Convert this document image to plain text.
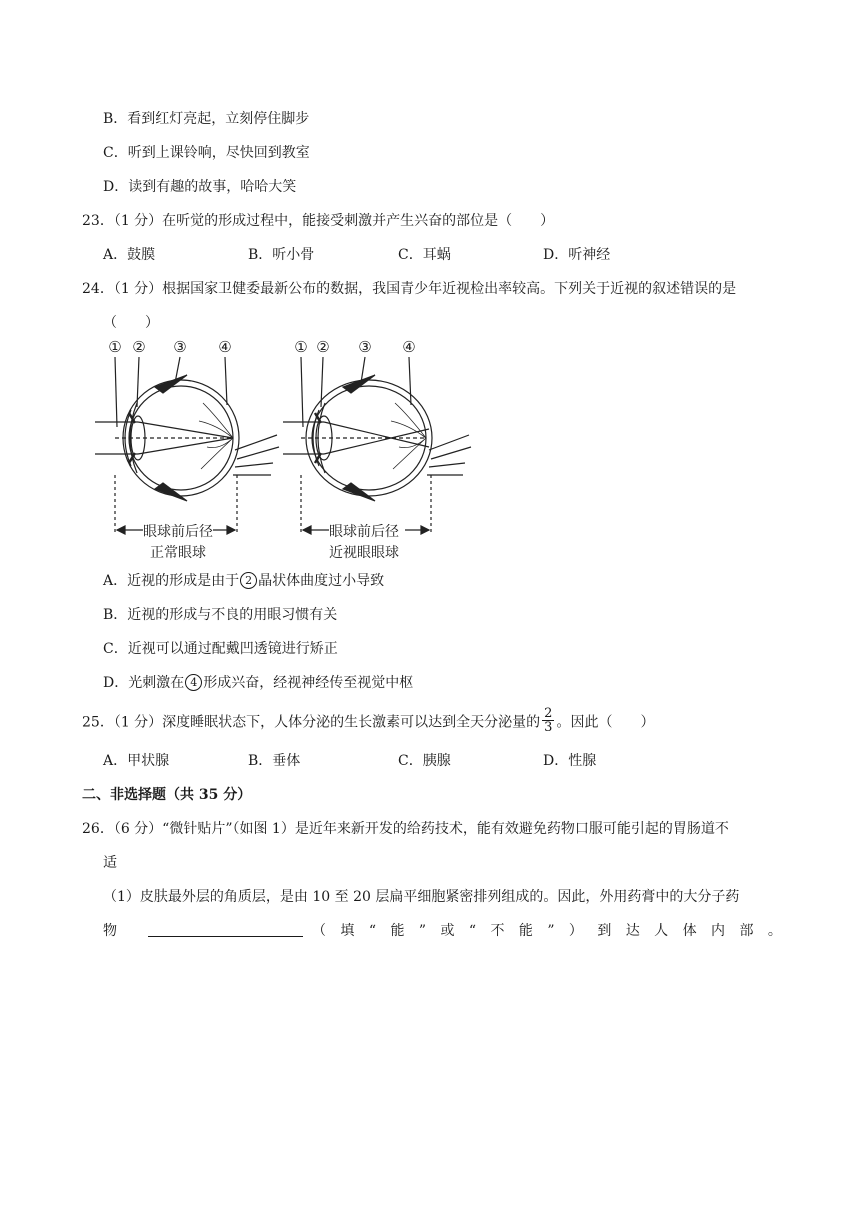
B．看到红灯亮起，立刻停住脚步
C．听到上课铃响，尽快回到教室
D．读到有趣的故事，哈哈大笑
23．（1 分）在听觉的形成过程中，能接受刺激并产生兴奋的部位是（　　）
A．鼓膜	B．听小骨	C．耳蜗	D．听神经
24．（1 分）根据国家卫健委最新公布的数据，我国青少年近视检出率较高。下列关于近视的叙述错误的是
（　　）
① ② ③ ④	① ② ③ ④
眼球前后径
正常眼球
眼球前后径
近视眼眼球
A．近视的形成是由于 2 晶状体曲度过小导致
B．近视的形成与不良的用眼习惯有关
C．近视可以通过配戴凹透镜进行矫正
D．光刺激在 4 形成兴奋，经视神经传至视觉中枢
25．（1 分）深度睡眠状态下，人体分泌的生长激素可以达到全天分泌量的 $\frac{2}{3}$ 。因此（　　）
A．甲状腺	B．垂体	C．胰腺	D．性腺
二、非选择题（共 35 分）
26．（6 分）“微针贴片”（如图 1）是近年来新开发的给药技术，能有效避免药物口服可能引起的胃肠道不
适
（1）皮肤最外层的角质层，是由 10 至 20 层扁平细胞紧密排列组成的。因此，外用药膏中的大分子药
物	（ 填 “ 能 ” 或 “ 不 能 ” ） 到 达 人 体 内 部 。
